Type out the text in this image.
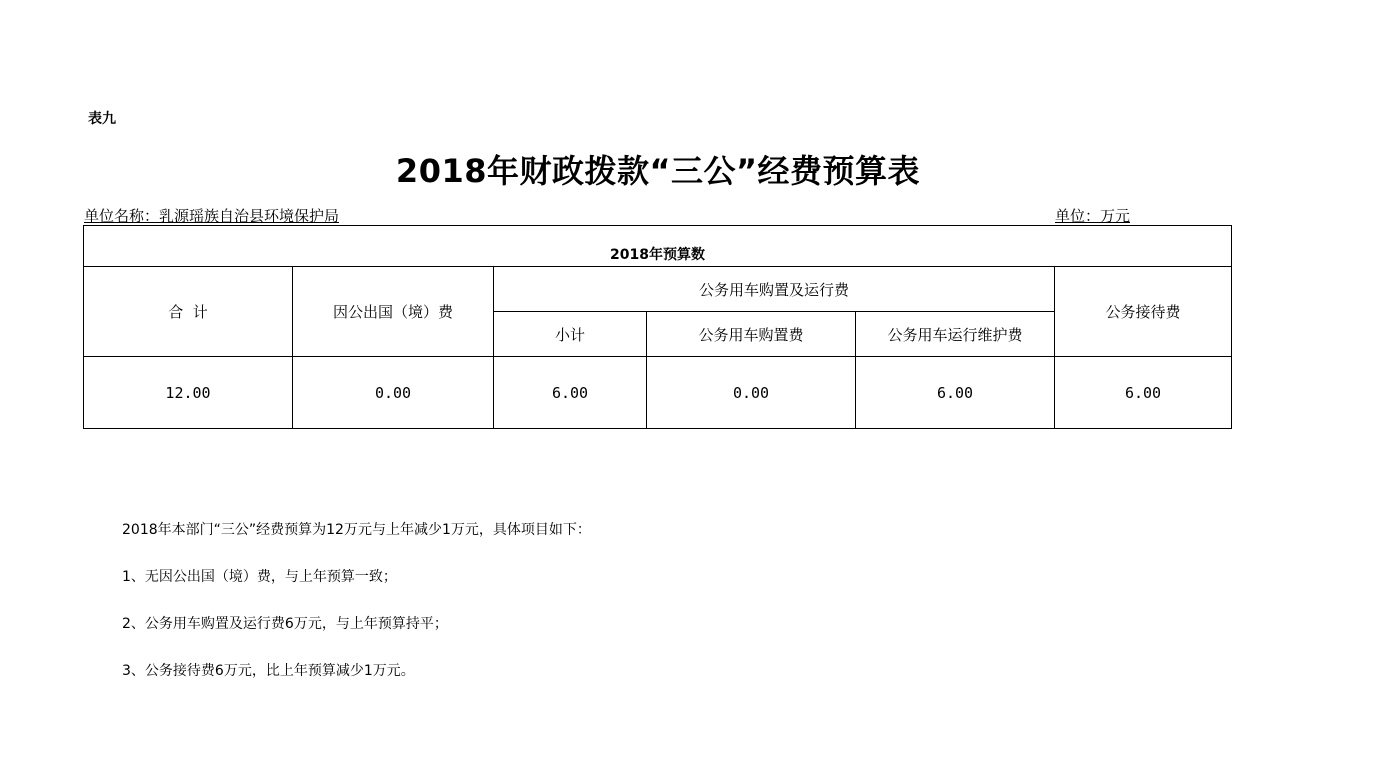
表九
2018年财政拨款“三公”经费预算表
单位名称：乳源瑶族自治县环境保护局	单位：万元
2018年预算数					
合  计	因公出国（境）费	公务用车购置及运行费			公务接待费
		小计	公务用车购置费	公务用车运行维护费	
12.00	0.00	6.00	0.00	6.00	6.00

2018年本部门“三公”经费预算为12万元与上年减少1万元，具体项目如下：

1、无因公出国（境）费，与上年预算一致；

2、公务用车购置及运行费6万元，与上年预算持平；

3、公务接待费6万元，比上年预算减少1万元。
